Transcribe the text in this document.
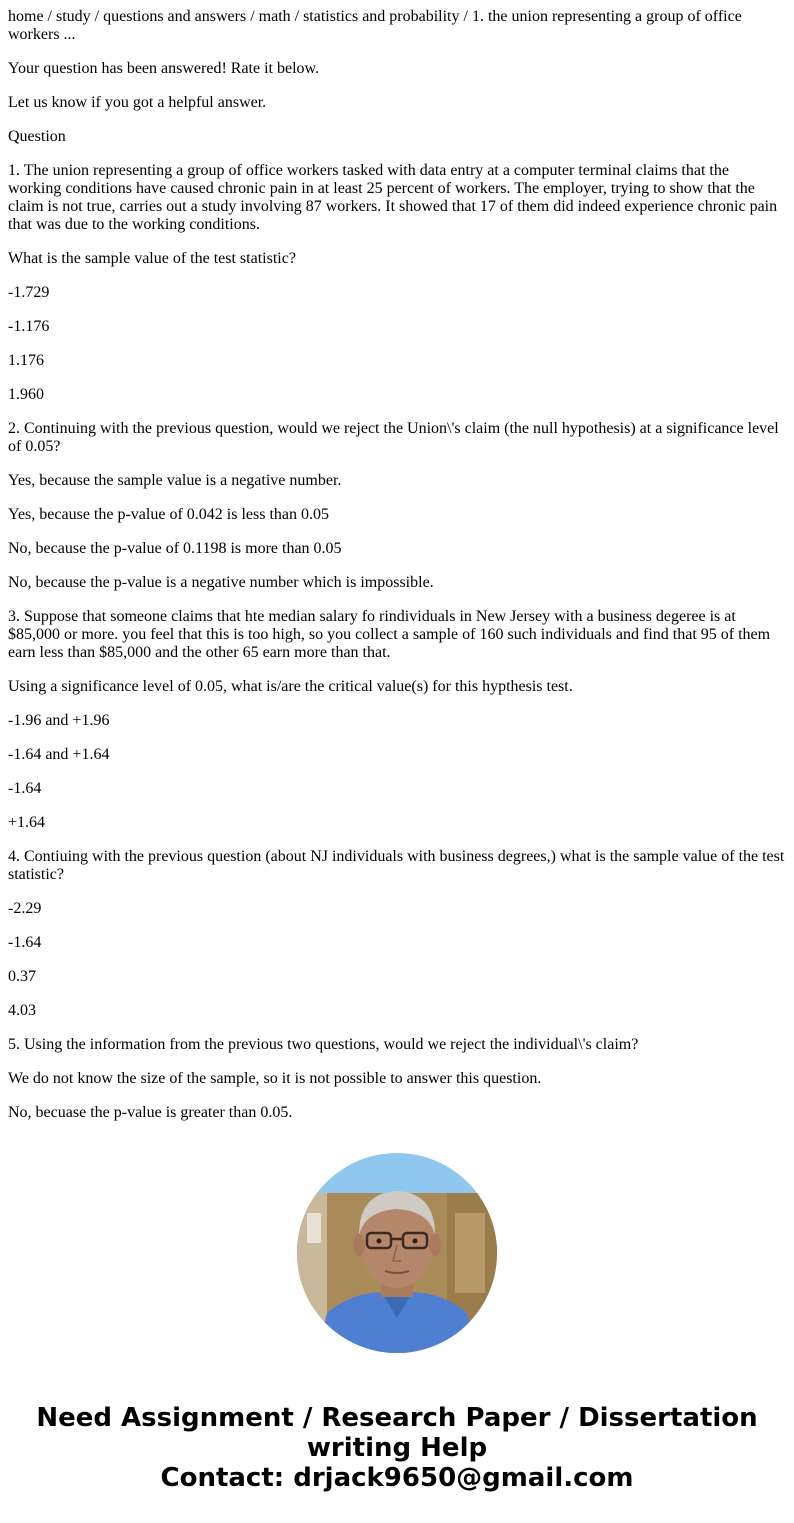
home / study / questions and answers / math / statistics and probability / 1. the union representing a group of office workers ...

Your question has been answered! Rate it below.

Let us know if you got a helpful answer.

Question

1. The union representing a group of office workers tasked with data entry at a computer terminal claims that the working conditions have caused chronic pain in at least 25 percent of workers. The employer, trying to show that the claim is not true, carries out a study involving 87 workers. It showed that 17 of them did indeed experience chronic pain that was due to the working conditions.

What is the sample value of the test statistic?

-1.729

-1.176

1.176

1.960

2. Continuing with the previous question, would we reject the Union\'s claim (the null hypothesis) at a significance level of 0.05?

Yes, because the sample value is a negative number.

Yes, because the p-value of 0.042 is less than 0.05

No, because the p-value of 0.1198 is more than 0.05

No, because the p-value is a negative number which is impossible.

3. Suppose that someone claims that hte median salary fo rindividuals in New Jersey with a business degeree is at $85,000 or more. you feel that this is too high, so you collect a sample of 160 such individuals and find that 95 of them earn less than $85,000 and the other 65 earn more than that.

Using a significance level of 0.05, what is/are the critical value(s) for this hypthesis test.

-1.96 and +1.96

-1.64 and +1.64

-1.64

+1.64

4. Contiuing with the previous question (about NJ individuals with business degrees,) what is the sample value of the test statistic?

-2.29

-1.64

0.37

4.03

5. Using the information from the previous two questions, would we reject the individual\'s claim?

We do not know the size of the sample, so it is not possible to answer this question.

No, becuase the p-value is greater than 0.05.

Need Assignment / Research Paper / Dissertation
writing Help
Contact: drjack9650@gmail.com
